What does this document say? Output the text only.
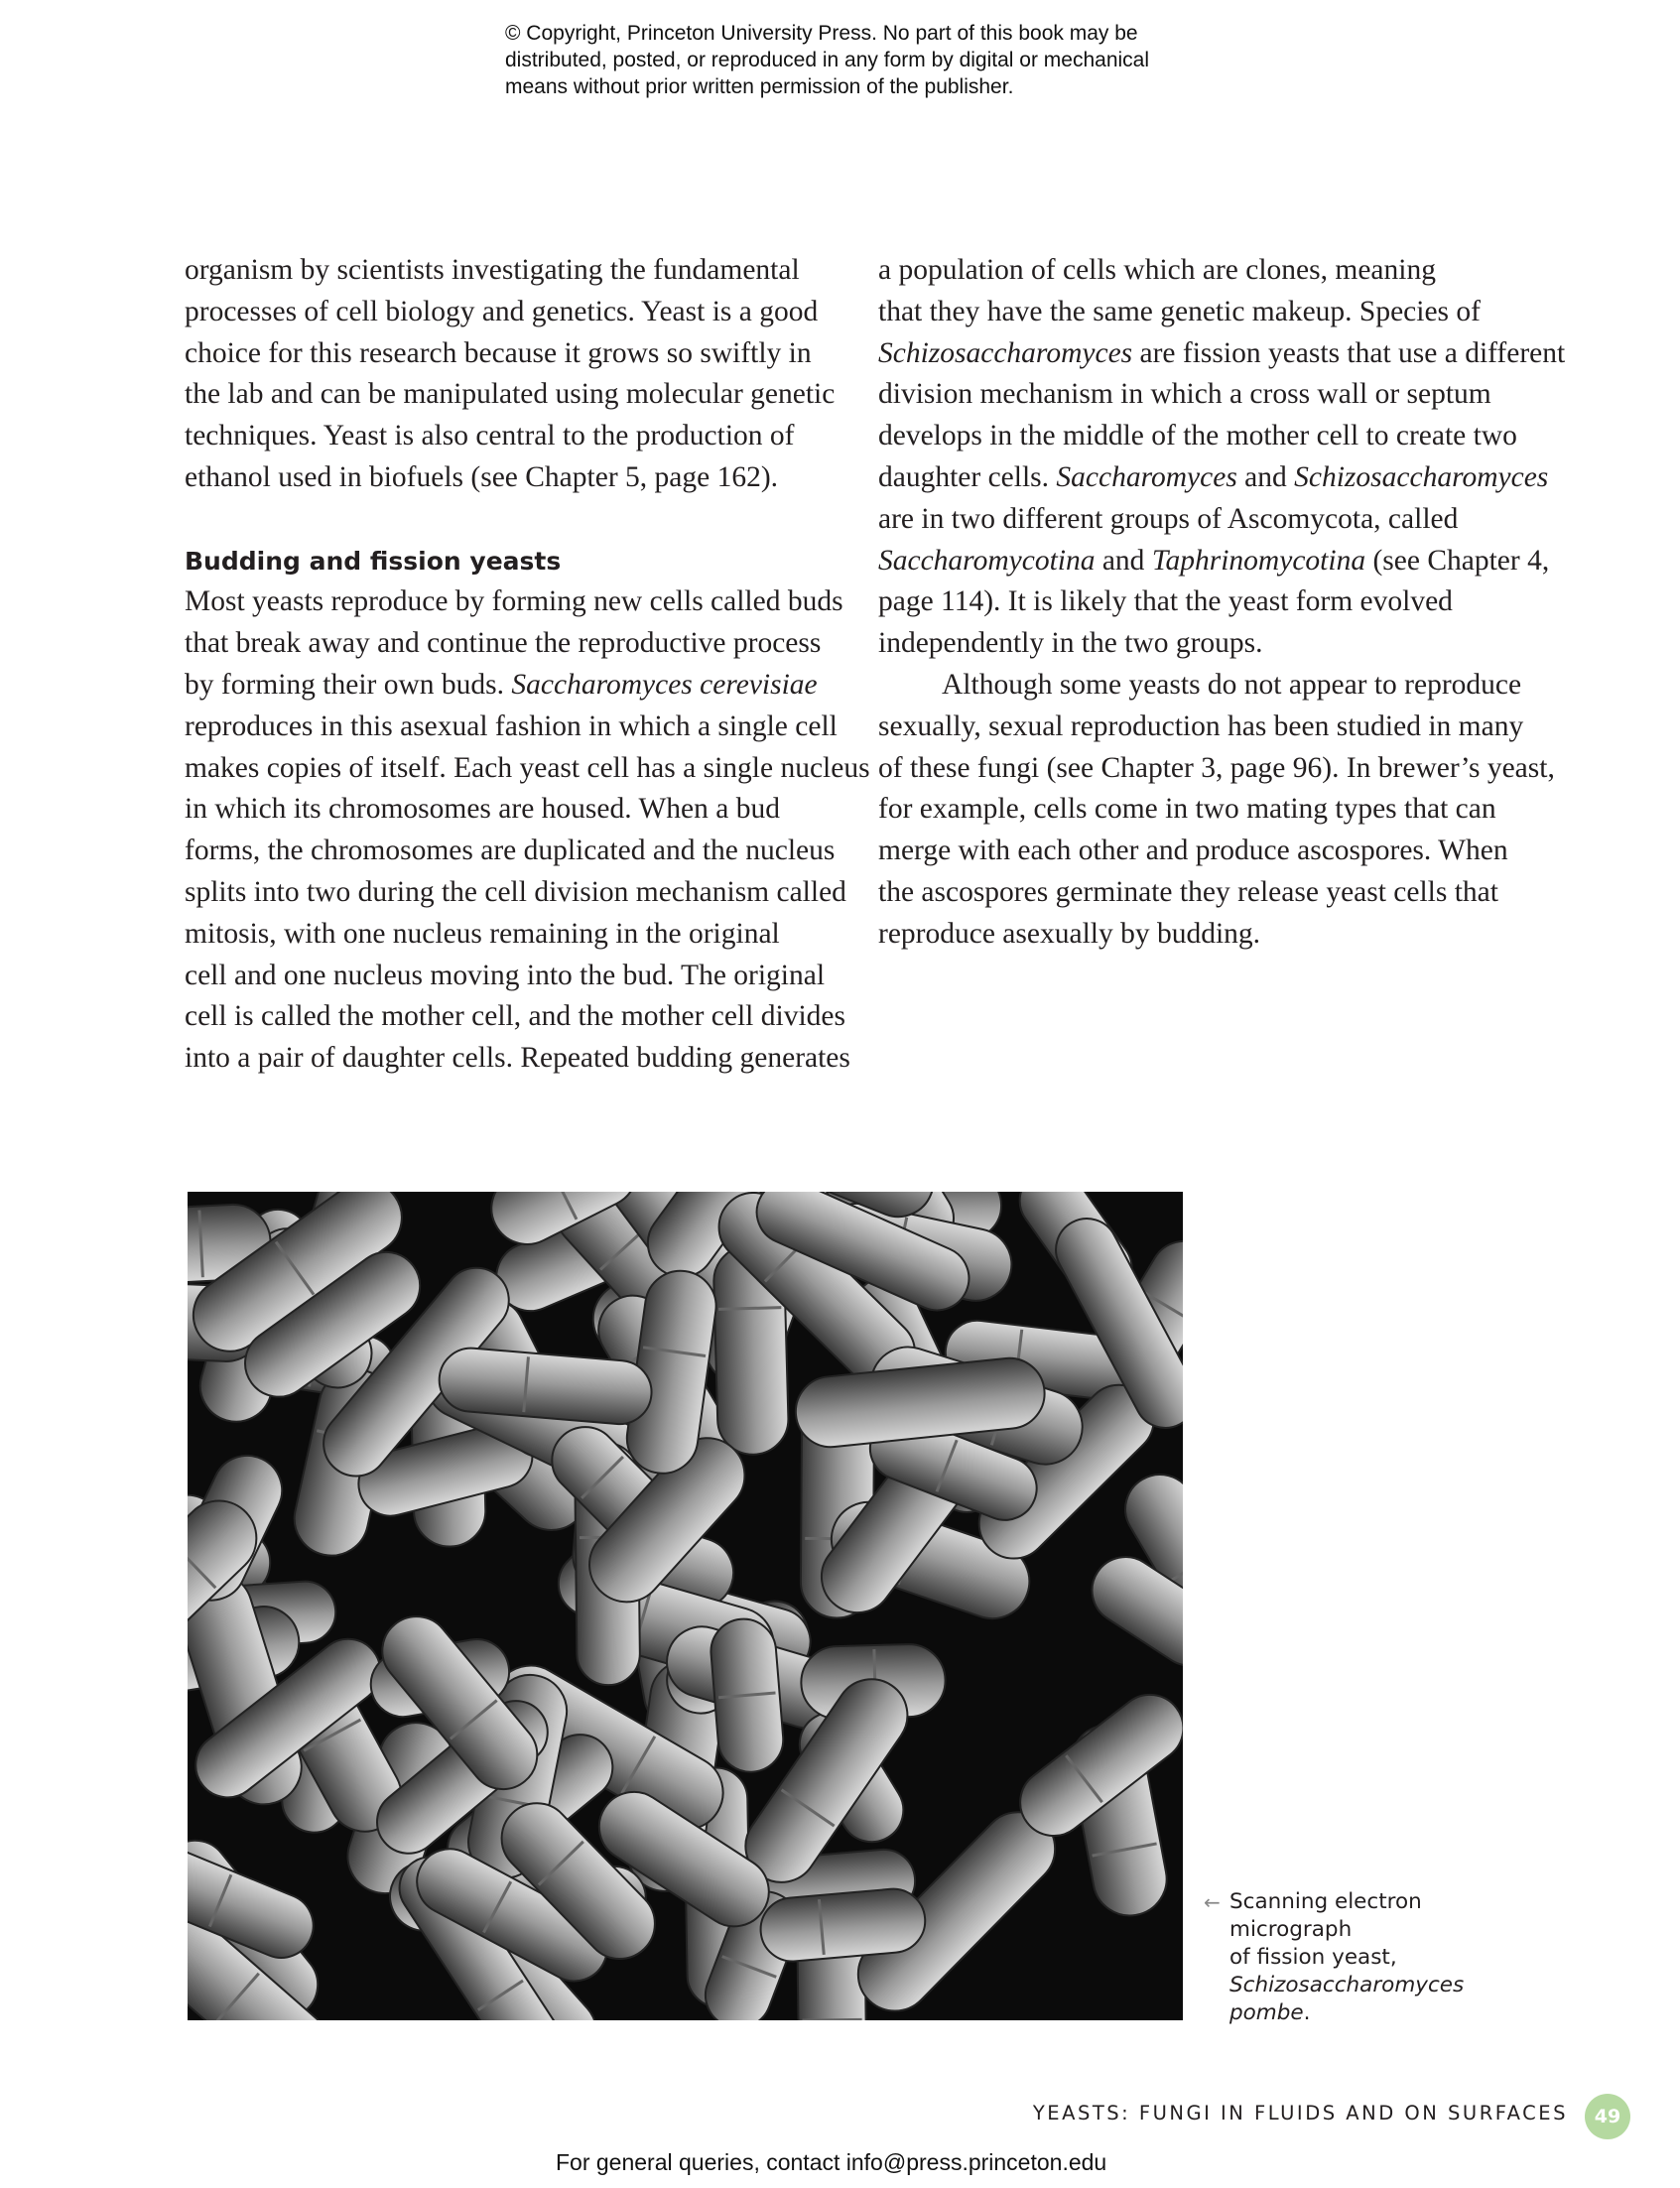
© Copyright, Princeton University Press. No part of this book may be
distributed, posted, or reproduced in any form by digital or mechanical
means without prior written permission of the publisher.
organism by scientists investigating the fundamental
processes of cell biology and genetics. Yeast is a good
choice for this research because it grows so swiftly in
the lab and can be manipulated using molecular genetic
techniques. Yeast is also central to the production of
ethanol used in biofuels (see Chapter 5, page 162).
Budding and fission yeasts
Most yeasts reproduce by forming new cells called buds
that break away and continue the reproductive process
by forming their own buds. Saccharomyces cerevisiae
reproduces in this asexual fashion in which a single cell
makes copies of itself. Each yeast cell has a single nucleus
in which its chromosomes are housed. When a bud
forms, the chromosomes are duplicated and the nucleus
splits into two during the cell division mechanism called
mitosis, with one nucleus remaining in the original
cell and one nucleus moving into the bud. The original
cell is called the mother cell, and the mother cell divides
into a pair of daughter cells. Repeated budding generates
a population of cells which are clones, meaning
that they have the same genetic makeup. Species of
Schizosaccharomyces are fission yeasts that use a different
division mechanism in which a cross wall or septum
develops in the middle of the mother cell to create two
daughter cells. Saccharomyces and Schizosaccharomyces
are in two different groups of Ascomycota, called
Saccharomycotina and Taphrinomycotina (see Chapter 4,
page 114). It is likely that the yeast form evolved
independently in the two groups.
Although some yeasts do not appear to reproduce
sexually, sexual reproduction has been studied in many
of these fungi (see Chapter 3, page 96). In brewer’s yeast,
for example, cells come in two mating types that can
merge with each other and produce ascospores. When
the ascospores germinate they release yeast cells that
reproduce asexually by budding.
← Scanning electron
micrograph
of fission yeast,
Schizosaccharomyces
pombe.
YEASTS: FUNGI IN FLUIDS AND ON SURFACES	49
For general queries, contact info@press.princeton.edu
